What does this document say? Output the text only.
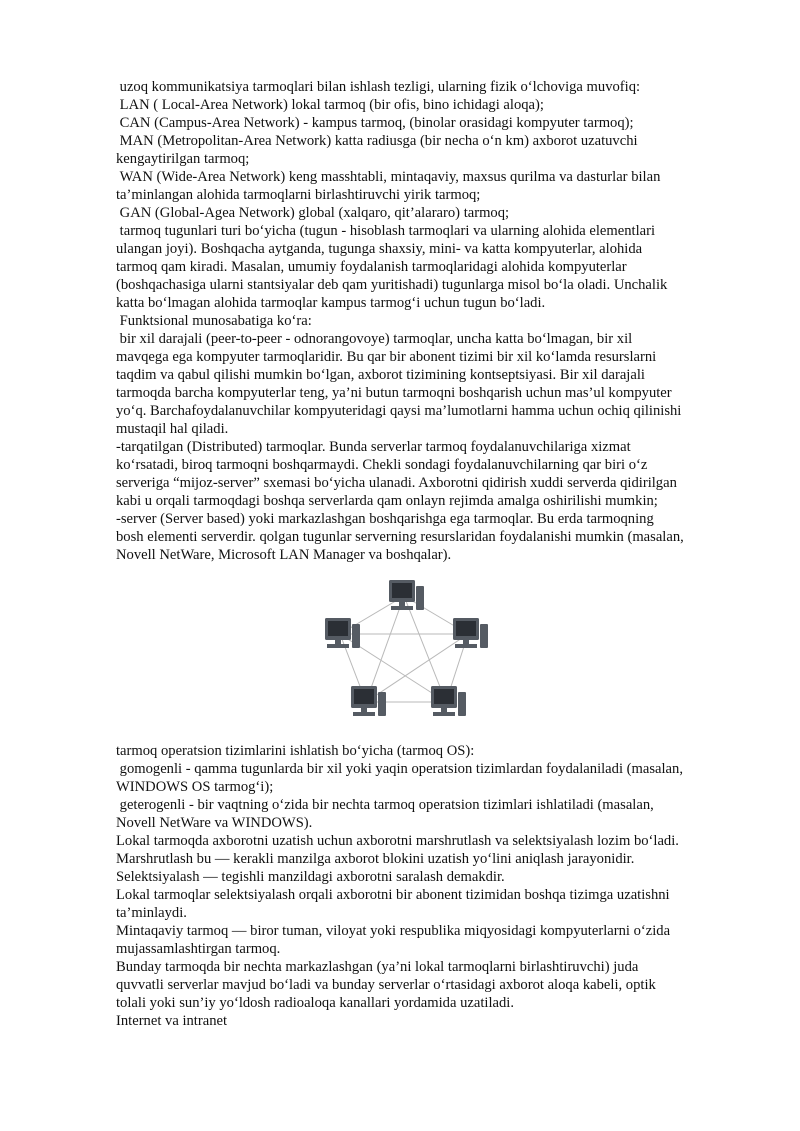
uzoq kommunikatsiya tarmoqlari bilan ishlash tezligi, ularning fizik o‘lchoviga muvofiq:

LAN ( Local-Area Network) lokal tarmoq (bir ofis, bino ichidagi aloqa);

CAN (Campus-Area Network) - kampus tarmoq, (binolar orasidagi kompyuter tarmoq);

MAN (Metropolitan-Area Network) katta radiusga (bir necha o‘n km) axborot uzatuvchi

kengaytirilgan tarmoq;

WAN (Wide-Area Network) keng masshtabli, mintaqaviy, maxsus qurilma va dasturlar bilan

ta’minlangan alohida tarmoqlarni birlashtiruvchi yirik tarmoq;

GAN (Global-Agea Network) global (xalqaro, qit’alararo) tarmoq;

tarmoq tugunlari turi bo‘yicha (tugun - hisoblash tarmoqlari va ularning alohida elementlari

ulangan joyi). Boshqacha aytganda, tugunga shaxsiy, mini- va katta kompyuterlar, alohida

tarmoq qam kiradi. Masalan, umumiy foydalanish tarmoqlaridagi alohida kompyuterlar

(boshqachasiga ularni stantsiyalar deb qam yuritishadi) tugunlarga misol bo‘la oladi. Unchalik

katta bo‘lmagan alohida tarmoqlar kampus tarmog‘i uchun tugun bo‘ladi.

Funktsional munosabatiga ko‘ra:

bir xil darajali (peer-to-peer - odnorangovoye) tarmoqlar, uncha katta bo‘lmagan, bir xil

mavqega ega kompyuter tarmoqlaridir. Bu qar bir abonent tizimi bir xil ko‘lamda resurslarni

taqdim va qabul qilishi mumkin bo‘lgan, axborot tizimining kontseptsiyasi. Bir xil darajali

tarmoqda barcha kompyuterlar teng, ya’ni butun tarmoqni boshqarish uchun mas’ul kompyuter

yo‘q. Barchafoydalanuvchilar kompyuteridagi qaysi ma’lumotlarni hamma uchun ochiq qilinishi

mustaqil hal qiladi.

-tarqatilgan (Distributed) tarmoqlar. Bunda serverlar tarmoq foydalanuvchilariga xizmat

ko‘rsatadi, biroq tarmoqni boshqarmaydi. Chekli sondagi foydalanuvchilarning qar biri o‘z

serveriga “mijoz-server” sxemasi bo‘yicha ulanadi. Axborotni qidirish xuddi serverda qidirilgan

kabi u orqali tarmoqdagi boshqa serverlarda qam onlayn rejimda amalga oshirilishi mumkin;

-server (Server based) yoki markazlashgan boshqarishga ega tarmoqlar. Bu erda tarmoqning

bosh elementi serverdir. qolgan tugunlar serverning resurslaridan foydalanishi mumkin (masalan,

Novell NetWare, Microsoft LAN Manager va boshqalar).

tarmoq operatsion tizimlarini ishlatish bo‘yicha (tarmoq OS):

gomogenli - qamma tugunlarda bir xil yoki yaqin operatsion tizimlardan foydalaniladi (masalan,

WINDOWS OS tarmog‘i);

geterogenli - bir vaqtning o‘zida bir nechta tarmoq operatsion tizimlari ishlatiladi (masalan,

Novell NetWare va WINDOWS).

Lokal tarmoqda axborotni uzatish uchun axborotni marshrutlash va selektsiyalash lozim bo‘ladi.

Marshrutlash bu — kerakli manzilga axborot blokini uzatish yo‘lini aniqlash jarayonidir.

Selektsiyalash — tegishli manzildagi axborotni saralash demakdir.

Lokal tarmoqlar selektsiyalash orqali axborotni bir abonent tizimidan boshqa tizimga uzatishni

ta’minlaydi.

Mintaqaviy tarmoq — biror tuman, viloyat yoki respublika miqyosidagi kompyuterlarni o‘zida

mujassamlashtirgan tarmoq.

Bunday tarmoqda bir nechta markazlashgan (ya’ni lokal tarmoqlarni birlashtiruvchi) juda

quvvatli serverlar mavjud bo‘ladi va bunday serverlar o‘rtasidagi axborot aloqa kabeli, optik

tolali yoki sun’iy yo‘ldosh radioaloqa kanallari yordamida uzatiladi.

Internet va intranet
